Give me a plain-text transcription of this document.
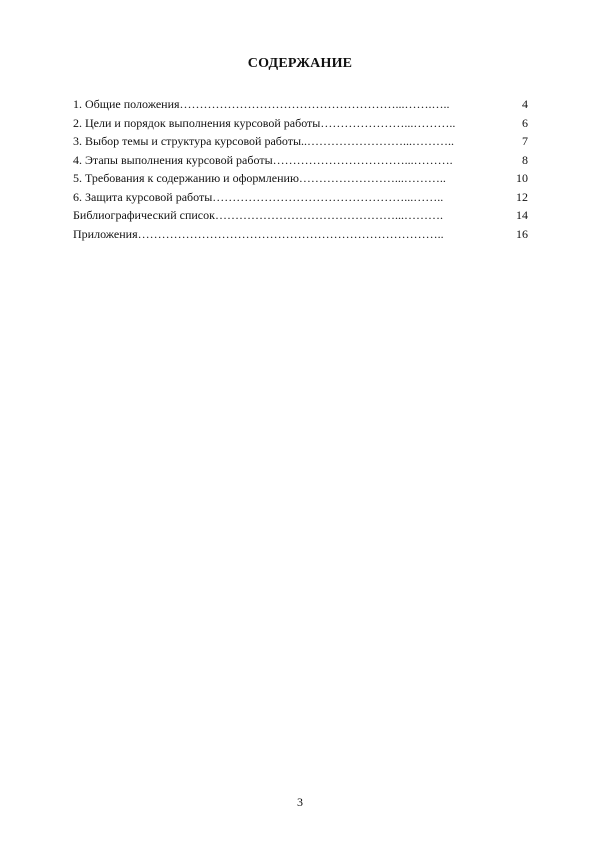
СОДЕРЖАНИЕ
1. Общие положения………………………………………………...…….…..	4
2. Цели и порядок выполнения курсовой работы…………………...………..	6
3. Выбор темы и структура курсовой работы..……………………...………..	7
4. Этапы выполнения курсовой работы……………………………...……….	8
5. Требования к содержанию и оформлению……………………...………..	10
6. Защита курсовой работы…………………………………………...……..	12
Библиографический список………………………………………...……….	14
Приложения…………………………………………………………………..	16
3
